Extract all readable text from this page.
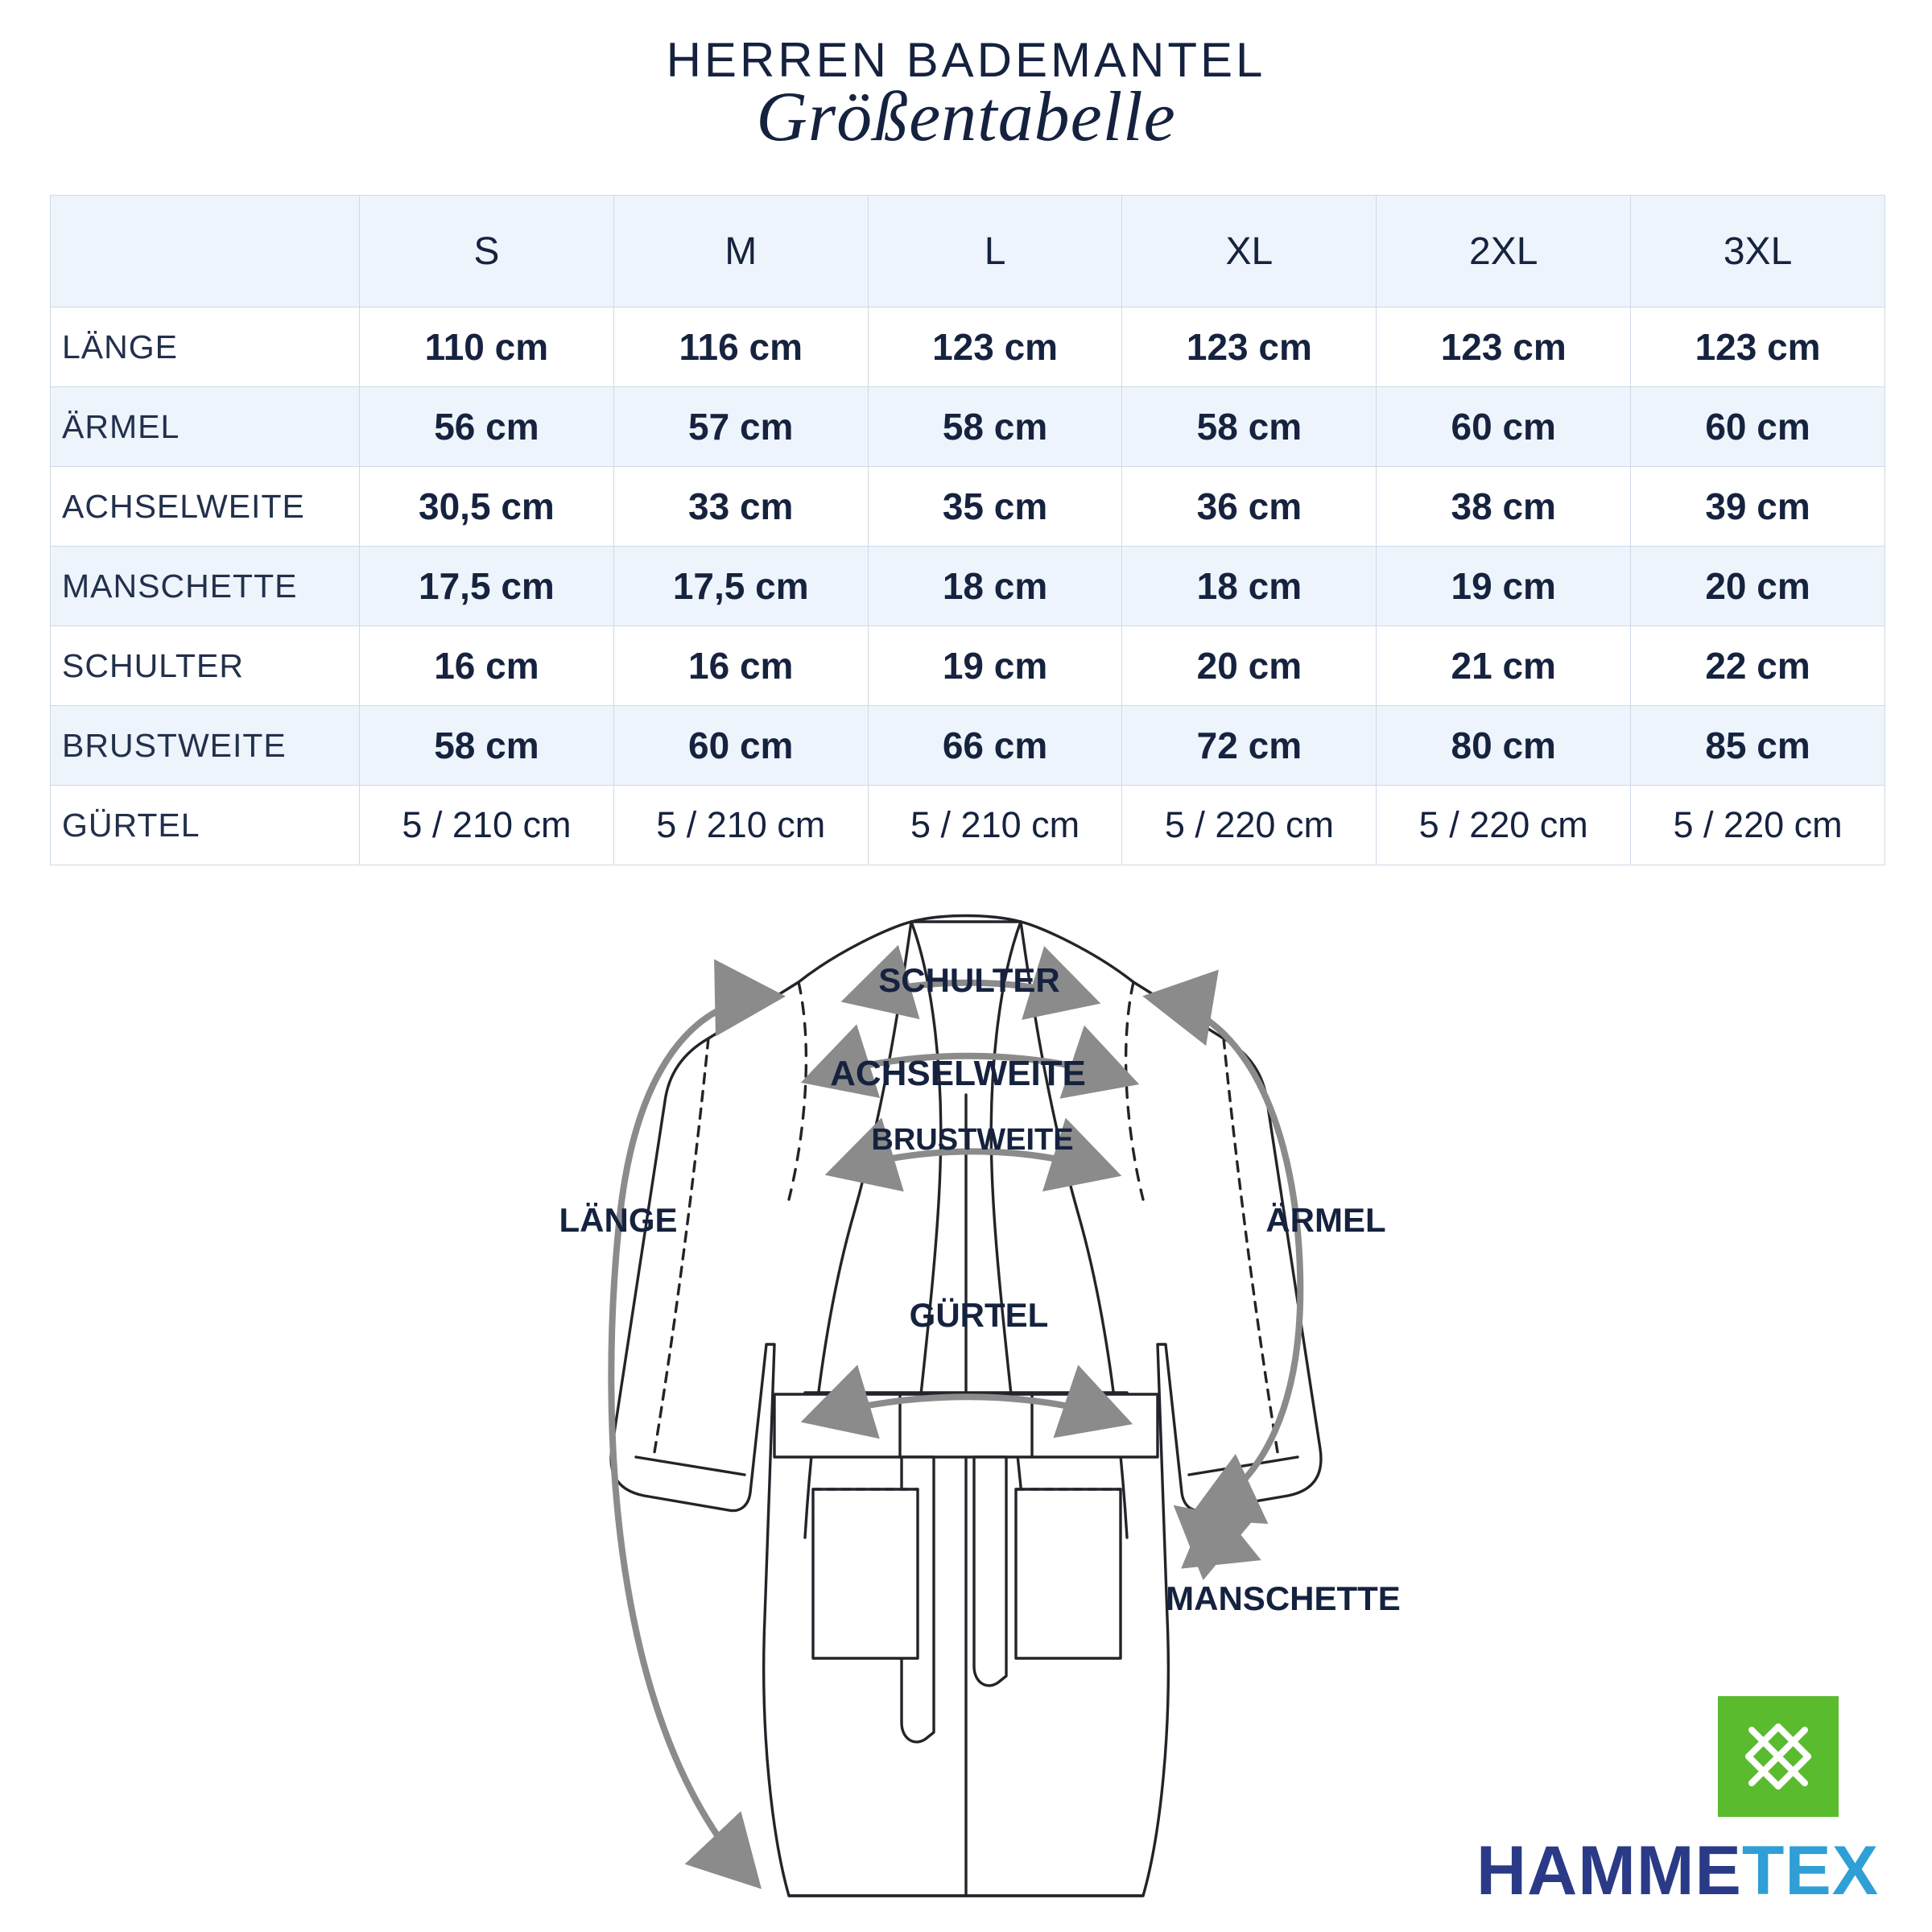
HERREN BADEMANTEL
Größentabelle
	S	M	L	XL	2XL	3XL
LÄNGE	110 cm	116 cm	123 cm	123 cm	123 cm	123 cm
ÄRMEL	56 cm	57 cm	58 cm	58 cm	60 cm	60 cm
ACHSELWEITE	30,5 cm	33 cm	35 cm	36 cm	38 cm	39 cm
MANSCHETTE	17,5 cm	17,5 cm	18 cm	18 cm	19 cm	20 cm
SCHULTER	16 cm	16 cm	19 cm	20 cm	21 cm	22 cm
BRUSTWEITE	58 cm	60 cm	66 cm	72 cm	80 cm	85 cm
GÜRTEL	5 / 210 cm	5 / 210 cm	5 / 210 cm	5 / 220 cm	5 / 220 cm	5 / 220 cm
SCHULTER
ACHSELWEITE
BRUSTWEITE
LÄNGE	ÄRMEL
GÜRTEL
MANSCHETTE
HAMMETEX
